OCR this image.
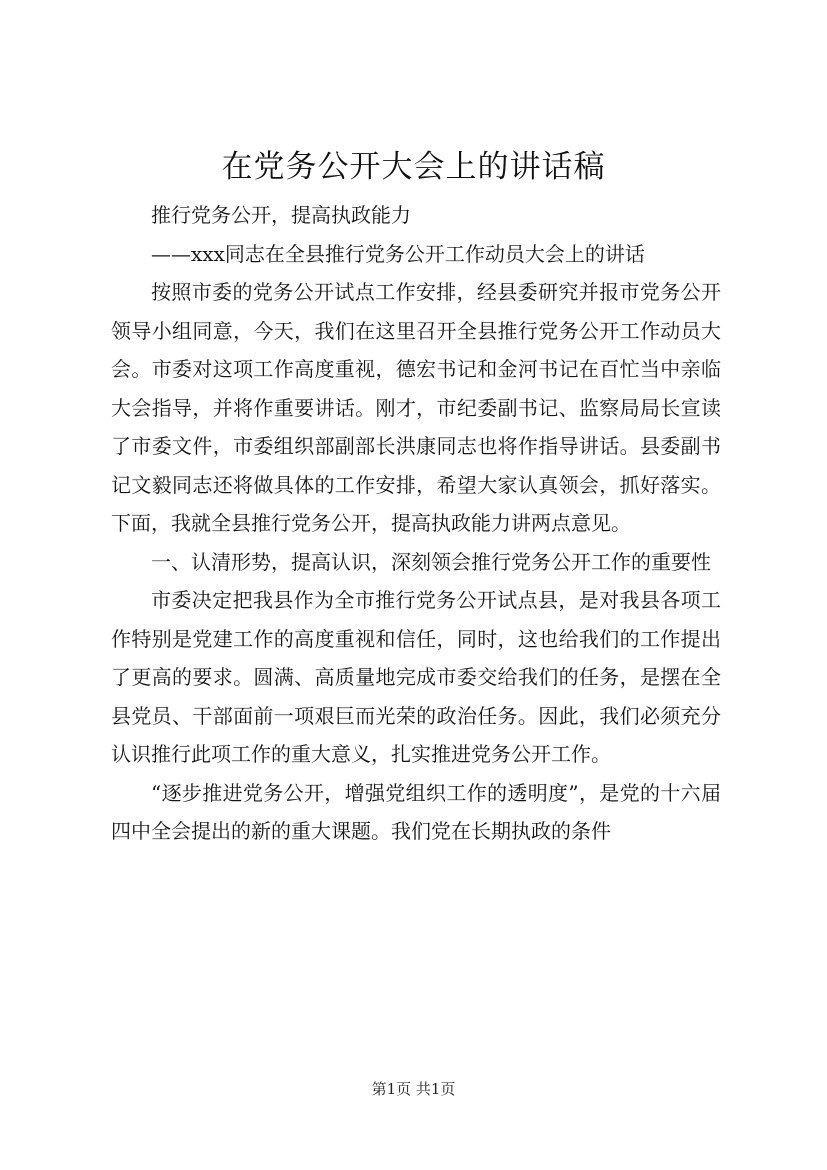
在党务公开大会上的讲话稿

推行党务公开，提高执政能力

——xxx同志在全县推行党务公开工作动员大会上的讲话

按照市委的党务公开试点工作安排，经县委研究并报市党务公开领导小组同意，今天，我们在这里召开全县推行党务公开工作动员大会。市委对这项工作高度重视，德宏书记和金河书记在百忙当中亲临大会指导，并将作重要讲话。刚才，市纪委副书记、监察局局长宣读了市委文件，市委组织部副部长洪康同志也将作指导讲话。县委副书记文毅同志还将做具体的工作安排，希望大家认真领会，抓好落实。下面，我就全县推行党务公开，提高执政能力讲两点意见。

一、认清形势，提高认识，深刻领会推行党务公开工作的重要性

市委决定把我县作为全市推行党务公开试点县，是对我县各项工作特别是党建工作的高度重视和信任，同时，这也给我们的工作提出了更高的要求。圆满、高质量地完成市委交给我们的任务，是摆在全县党员、干部面前一项艰巨而光荣的政治任务。因此，我们必须充分认识推行此项工作的重大意义，扎实推进党务公开工作。

“逐步推进党务公开，增强党组织工作的透明度”，是党的十六届四中全会提出的新的重大课题。我们党在长期执政的条件

第1页 共1页
